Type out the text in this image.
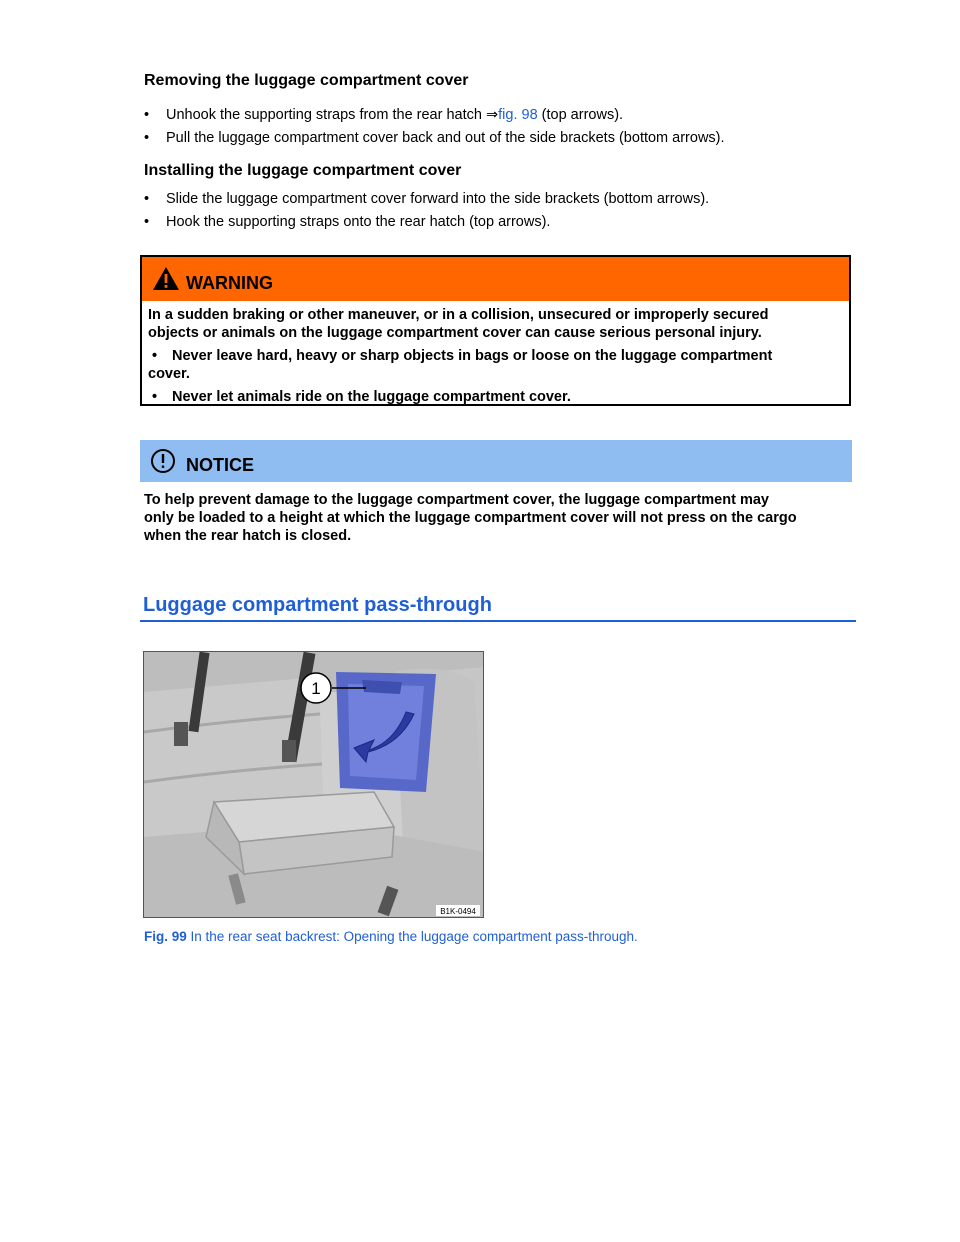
Removing the luggage compartment cover
• Unhook the supporting straps from the rear hatch ⇒fig. 98 (top arrows).
• Pull the luggage compartment cover back and out of the side brackets (bottom arrows).
Installing the luggage compartment cover
• Slide the luggage compartment cover forward into the side brackets (bottom arrows).
• Hook the supporting straps onto the rear hatch (top arrows).
WARNING
In a sudden braking or other maneuver, or in a collision, unsecured or improperly secured
objects or animals on the luggage compartment cover can cause serious personal injury.
• Never leave hard, heavy or sharp objects in bags or loose on the luggage compartment
cover.
• Never let animals ride on the luggage compartment cover.
NOTICE
To help prevent damage to the luggage compartment cover, the luggage compartment may
only be loaded to a height at which the luggage compartment cover will not press on the cargo
when the rear hatch is closed.
Luggage compartment pass-through
1
B1K-0494
Fig. 99 In the rear seat backrest: Opening the luggage compartment pass-through.
